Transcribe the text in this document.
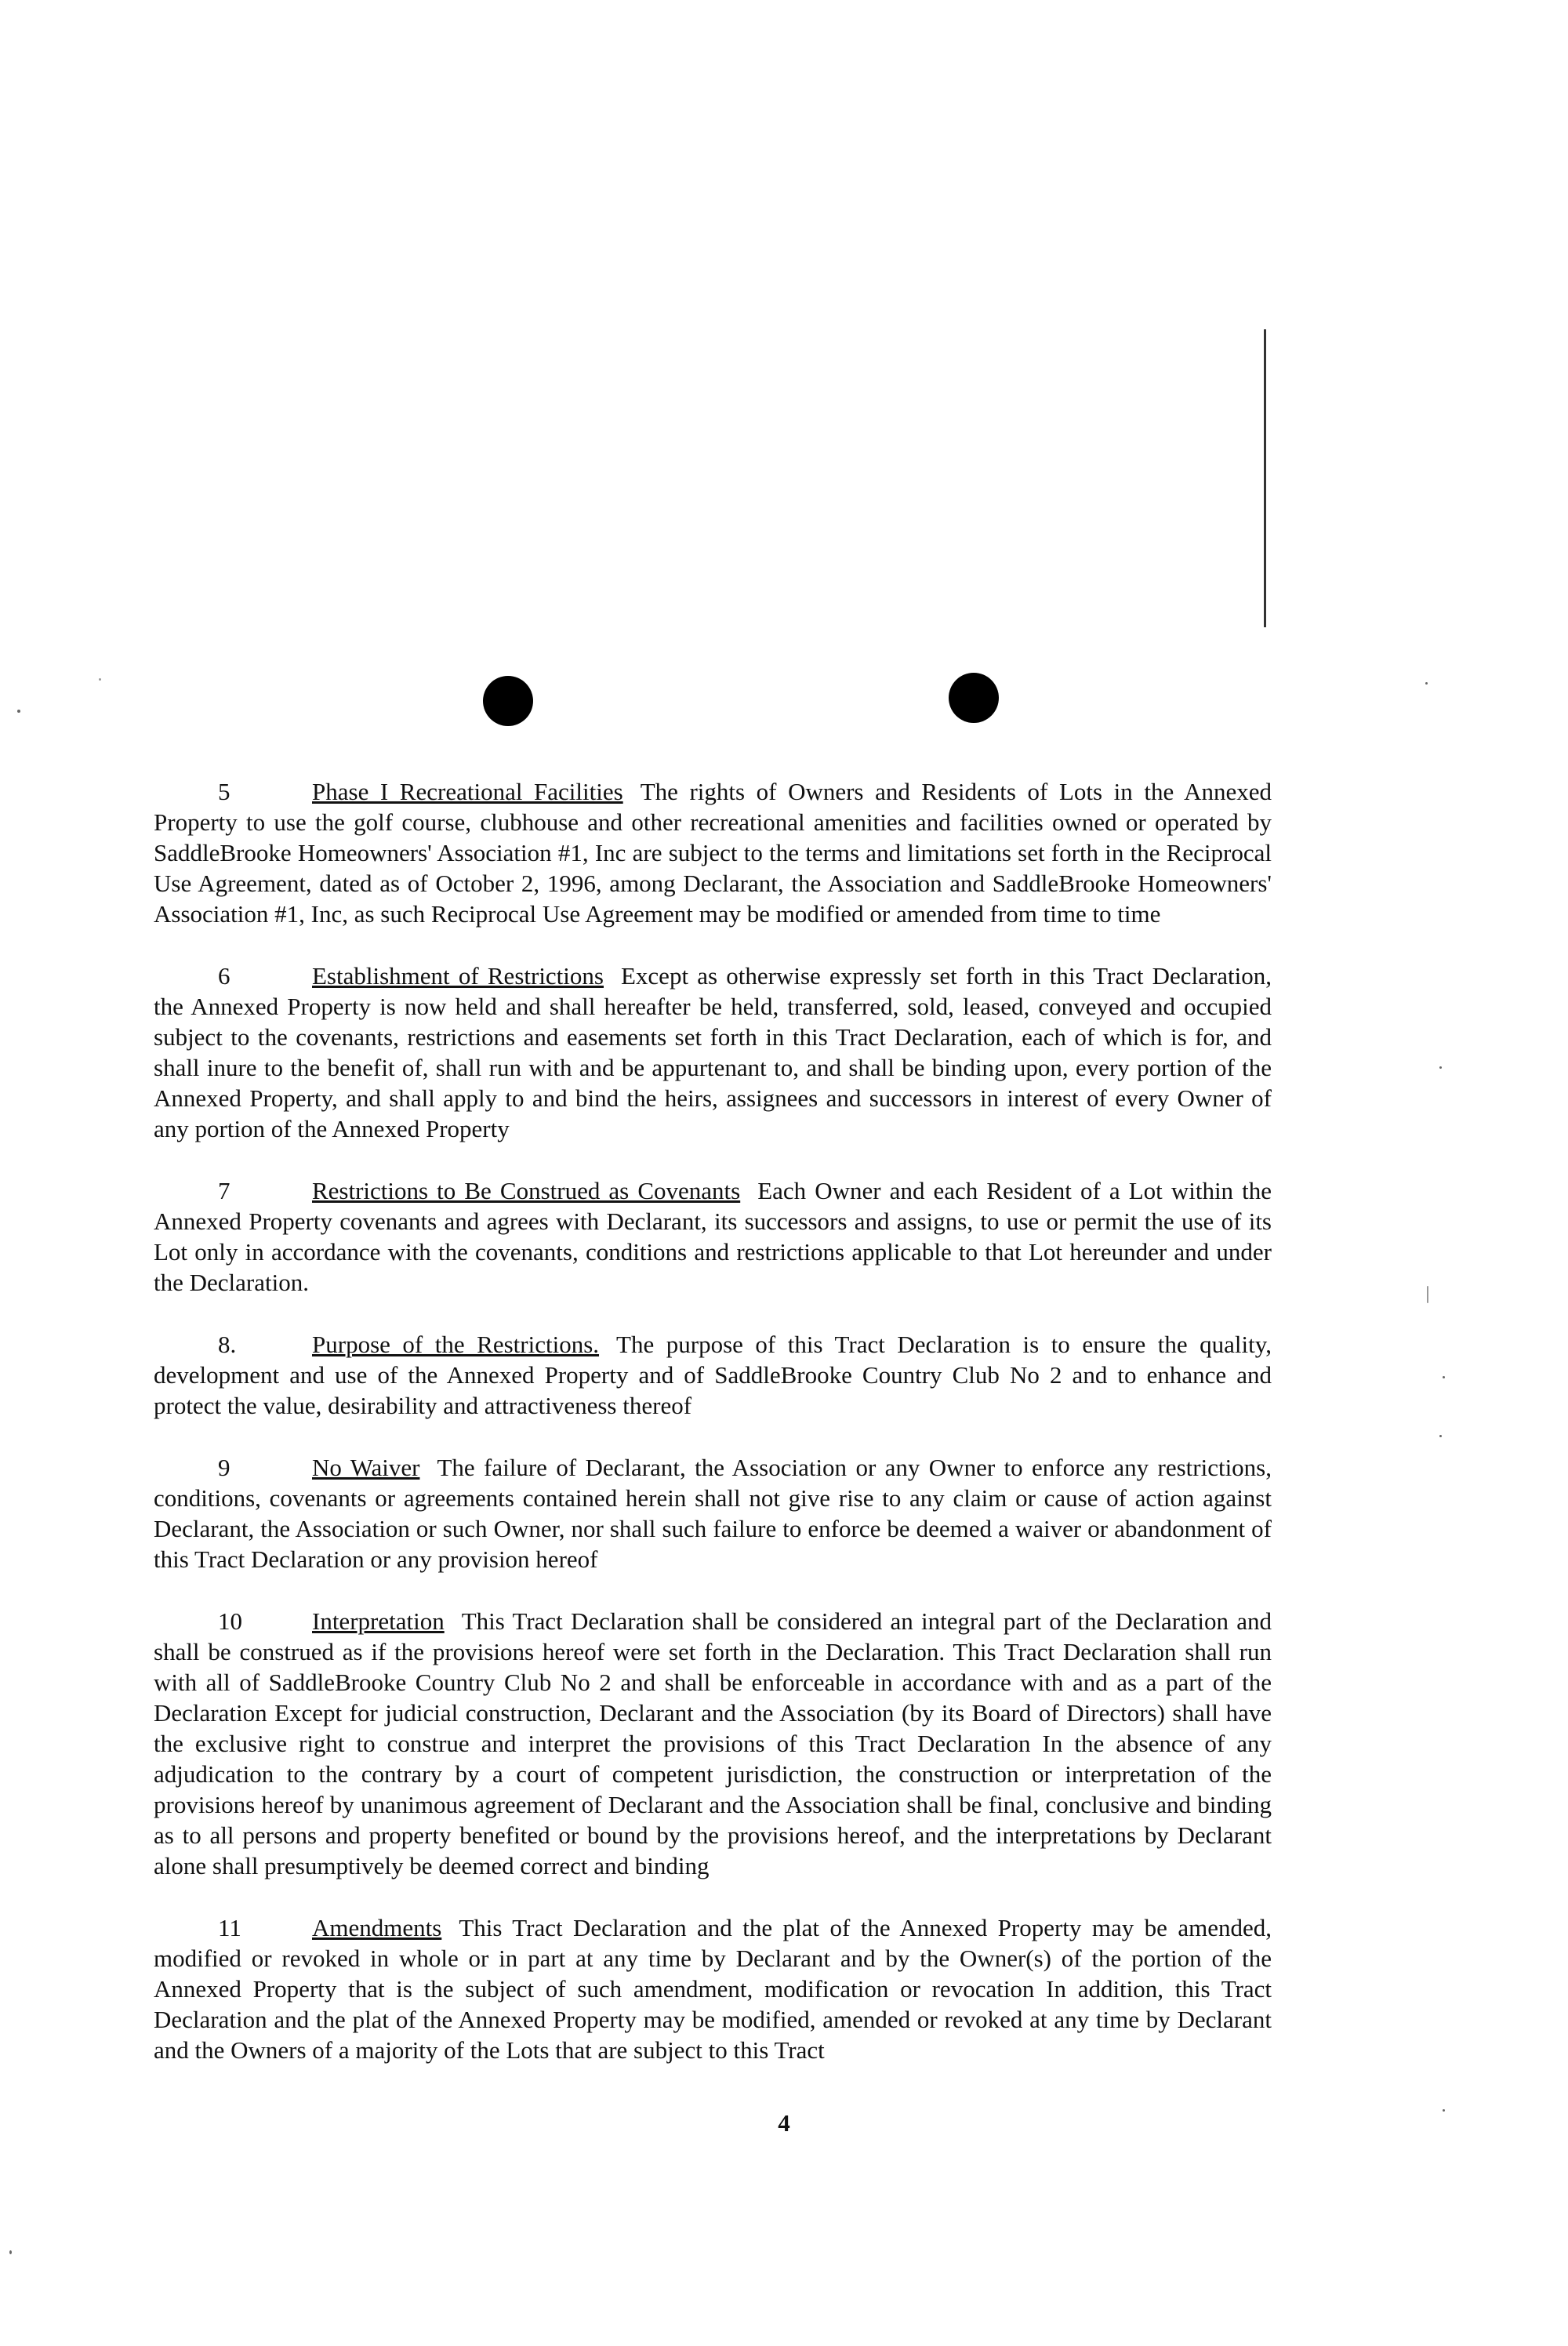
5	Phase I Recreational Facilities The rights of Owners and Residents of Lots in the Annexed Property to use the golf course, clubhouse and other recreational amenities and facilities owned or operated by SaddleBrooke Homeowners' Association #1, Inc are subject to the terms and limitations set forth in the Reciprocal Use Agreement, dated as of October 2, 1996, among Declarant, the Association and SaddleBrooke Homeowners' Association #1, Inc, as such Reciprocal Use Agreement may be modified or amended from time to time

6	Establishment of Restrictions Except as otherwise expressly set forth in this Tract Declaration, the Annexed Property is now held and shall hereafter be held, transferred, sold, leased, conveyed and occupied subject to the covenants, restrictions and easements set forth in this Tract Declaration, each of which is for, and shall inure to the benefit of, shall run with and be appurtenant to, and shall be binding upon, every portion of the Annexed Property, and shall apply to and bind the heirs, assignees and successors in interest of every Owner of any portion of the Annexed Property

7	Restrictions to Be Construed as Covenants Each Owner and each Resident of a Lot within the Annexed Property covenants and agrees with Declarant, its successors and assigns, to use or permit the use of its Lot only in accordance with the covenants, conditions and restrictions applicable to that Lot hereunder and under the Declaration.

8.	Purpose of the Restrictions. The purpose of this Tract Declaration is to ensure the quality, development and use of the Annexed Property and of SaddleBrooke Country Club No 2 and to enhance and protect the value, desirability and attractiveness thereof

9	No Waiver The failure of Declarant, the Association or any Owner to enforce any restrictions, conditions, covenants or agreements contained herein shall not give rise to any claim or cause of action against Declarant, the Association or such Owner, nor shall such failure to enforce be deemed a waiver or abandonment of this Tract Declaration or any provision hereof

10	Interpretation This Tract Declaration shall be considered an integral part of the Declaration and shall be construed as if the provisions hereof were set forth in the Declaration. This Tract Declaration shall run with all of SaddleBrooke Country Club No 2 and shall be enforceable in accordance with and as a part of the Declaration Except for judicial construction, Declarant and the Association (by its Board of Directors) shall have the exclusive right to construe and interpret the provisions of this Tract Declaration In the absence of any adjudication to the contrary by a court of competent jurisdiction, the construction or interpretation of the provisions hereof by unanimous agreement of Declarant and the Association shall be final, conclusive and binding as to all persons and property benefited or bound by the provisions hereof, and the interpretations by Declarant alone shall presumptively be deemed correct and binding

11	Amendments This Tract Declaration and the plat of the Annexed Property may be amended, modified or revoked in whole or in part at any time by Declarant and by the Owner(s) of the portion of the Annexed Property that is the subject of such amendment, modification or revocation In addition, this Tract Declaration and the plat of the Annexed Property may be modified, amended or revoked at any time by Declarant and the Owners of a majority of the Lots that are subject to this Tract

4
